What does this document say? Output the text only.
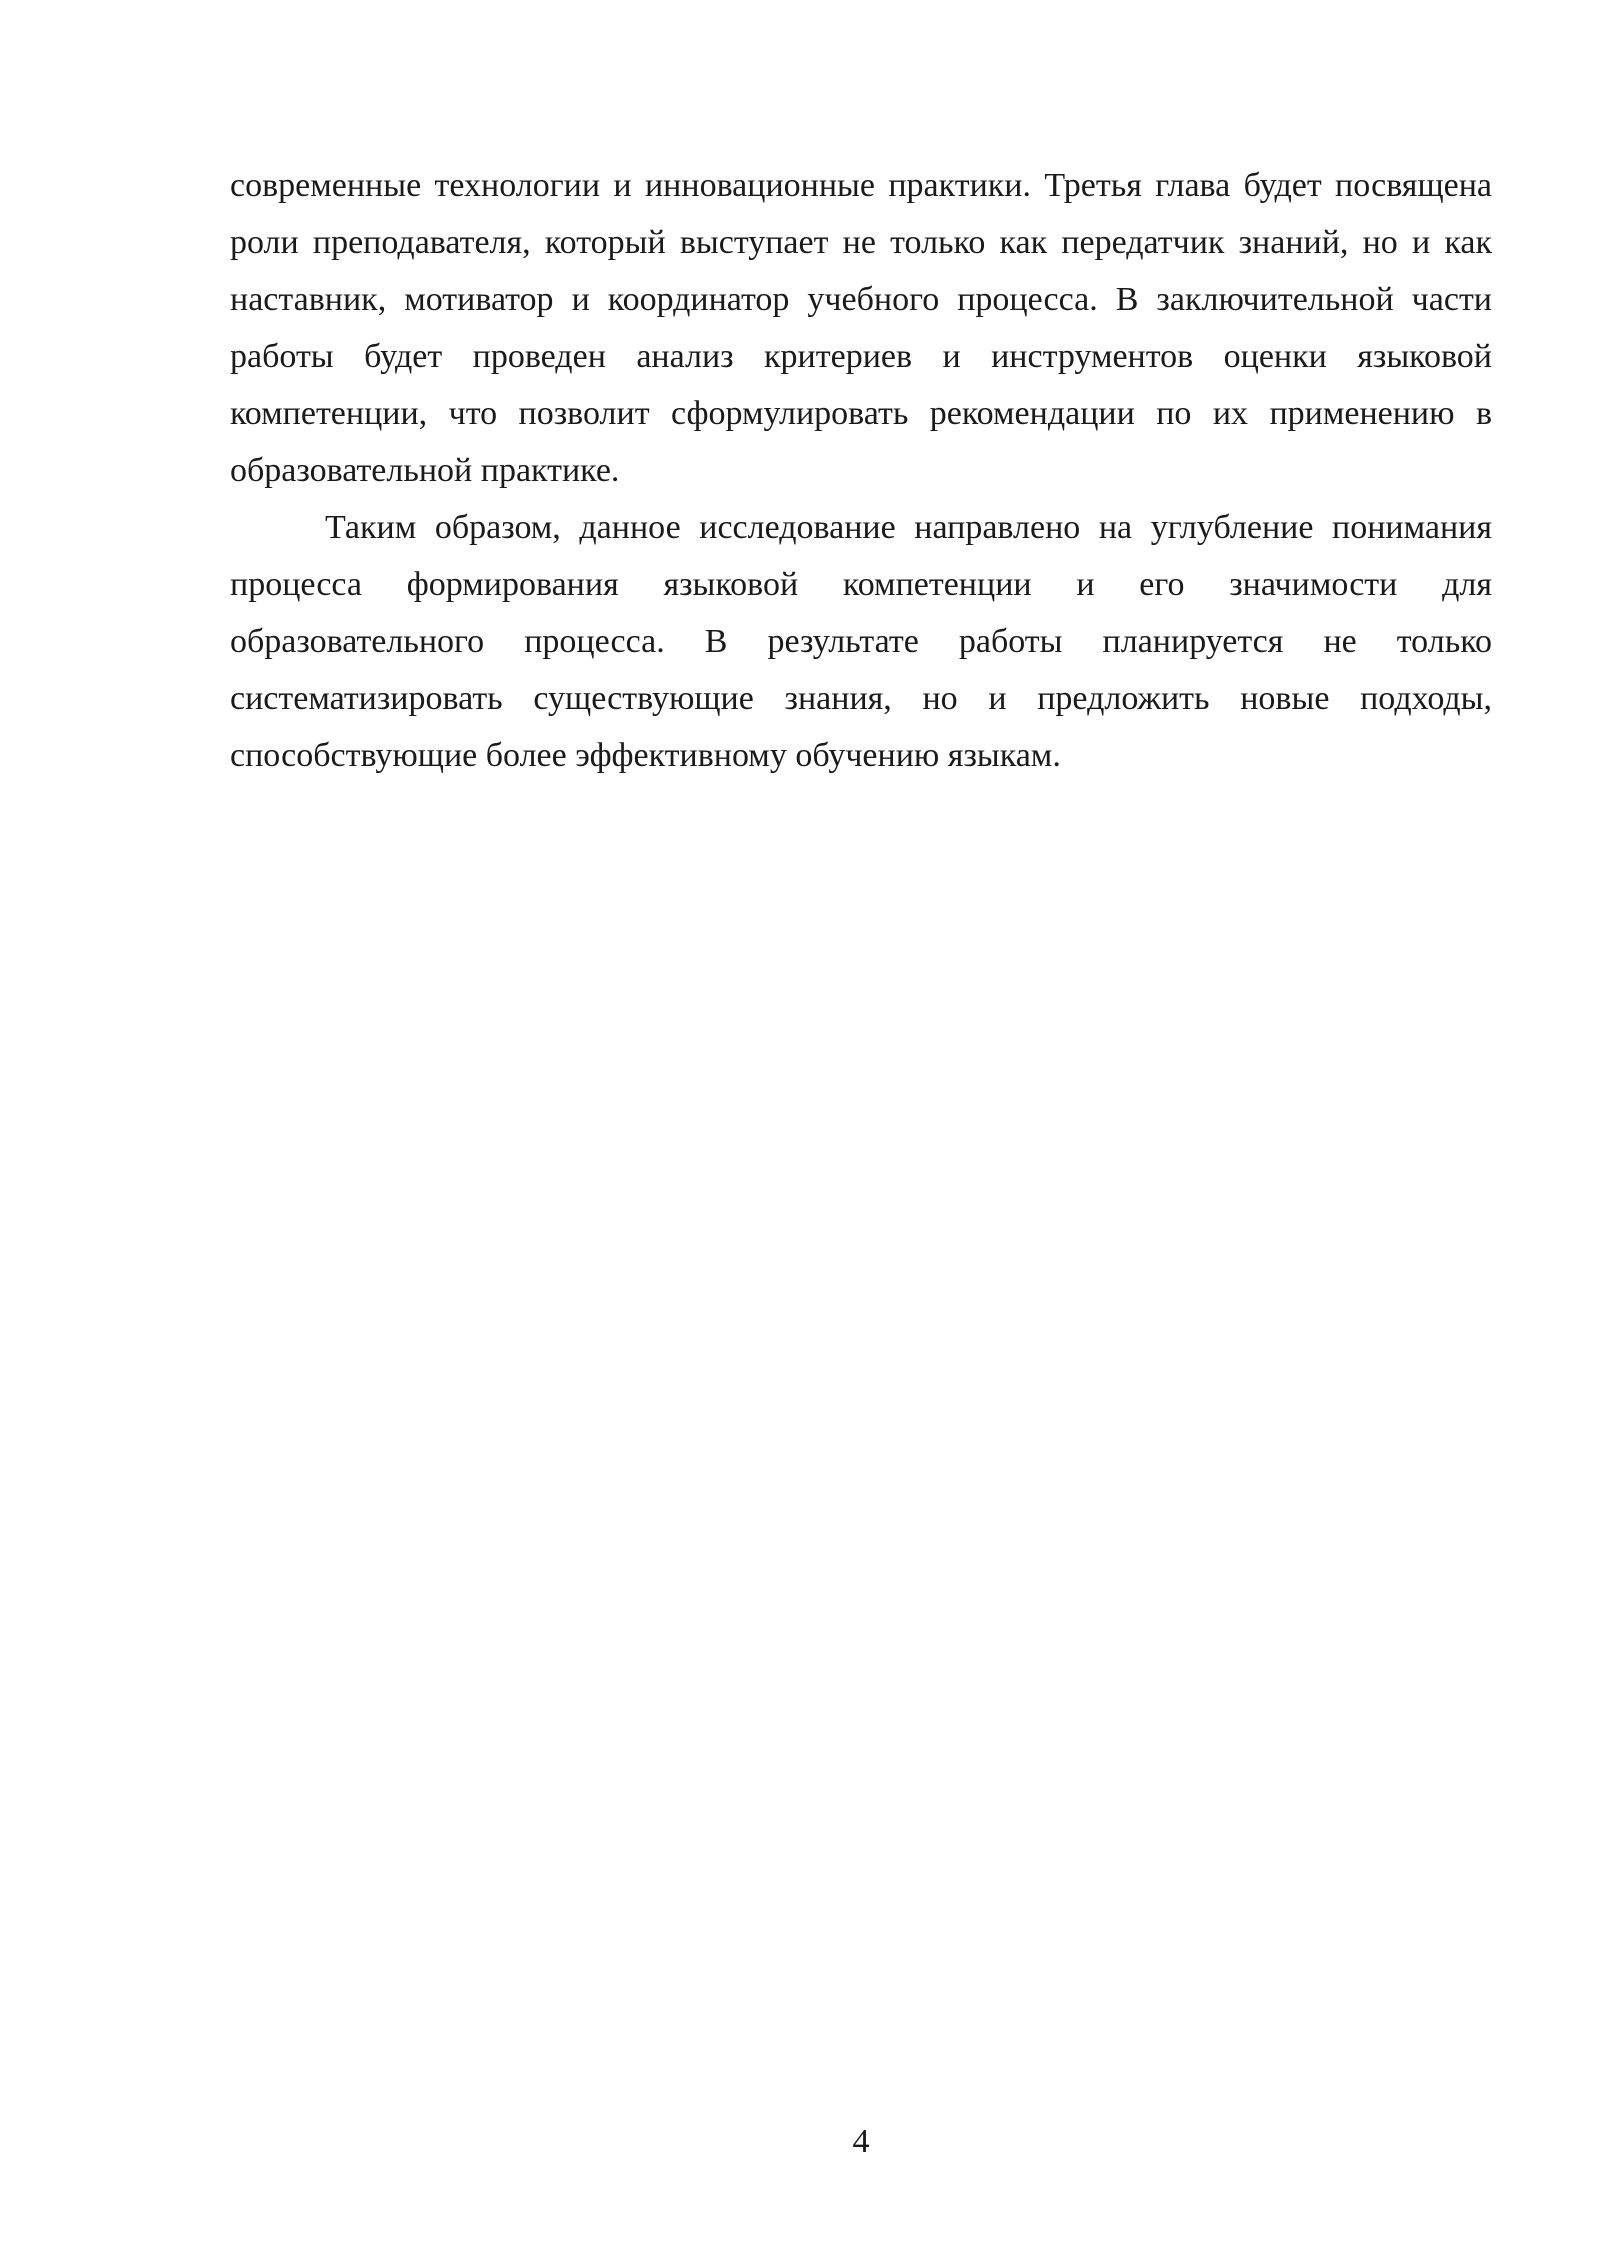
современные технологии и инновационные практики. Третья глава будет посвящена роли преподавателя, который выступает не только как передатчик знаний, но и как наставник, мотиватор и координатор учебного процесса. В заключительной части работы будет проведен анализ критериев и инструментов оценки языковой компетенции, что позволит сформулировать рекомендации по их применению в образовательной практике.

Таким образом, данное исследование направлено на углубление понимания процесса формирования языковой компетенции и его значимости для образовательного процесса. В результате работы планируется не только систематизировать существующие знания, но и предложить новые подходы, способствующие более эффективному обучению языкам.

4
